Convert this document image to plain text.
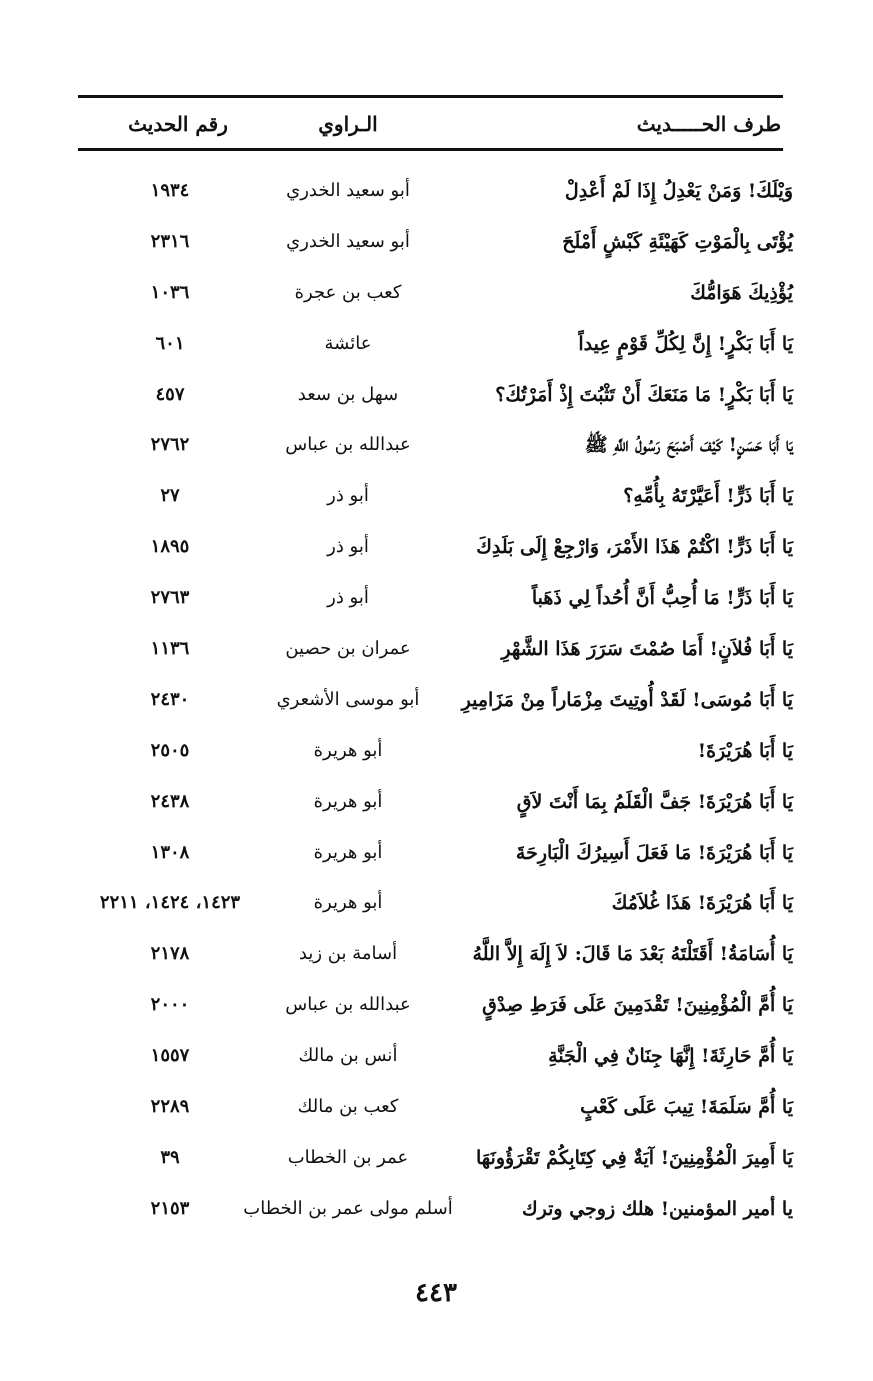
طرف الحـــــديث
الـراوي
رقم الحديث
وَيْلَكَ! وَمَنْ يَعْدِلُ إِذَا لَمْ أَعْدِلْ
أبو سعيد الخدري
١٩٣٤
يُؤْتَى بِالْمَوْتِ كَهَيْئَةِ كَبْشٍ أَمْلَحَ
أبو سعيد الخدري
٢٣١٦
يُؤْذِيكَ هَوَامُّكَ
كعب بن عجرة
١٠٣٦
يَا أَبَا بَكْرٍ! إِنَّ لِكُلِّ قَوْمٍ عِيداً
عائشة
٦٠١
يَا أَبَا بَكْرٍ! مَا مَنَعَكَ أَنْ تَثْبُتَ إِذْ أَمَرْتُكَ؟
سهل بن سعد
٤٥٧
يَا أَبَا حَسَنٍ! كَيْفَ أَصْبَحَ رَسُولُ اللَّهِ ﷺ
عبدالله بن عباس
٢٧٦٢
يَا أَبَا ذَرٍّ! أَعَيَّرْتَهُ بِأُمِّهِ؟
أبو ذر
٢٧
يَا أَبَا ذَرٍّ! اكْتُمْ هَذَا الأَمْرَ، وَارْجِعْ إِلَى بَلَدِكَ
أبو ذر
١٨٩٥
يَا أَبَا ذَرٍّ! مَا أُحِبُّ أَنَّ أُحُداً لِي ذَهَباً
أبو ذر
٢٧٦٣
يَا أَبَا فُلاَنٍ! أَمَا صُمْتَ سَرَرَ هَذَا الشَّهْرِ
عمران بن حصين
١١٣٦
يَا أَبَا مُوسَى! لَقَدْ أُوتِيتَ مِزْمَاراً مِنْ مَزَامِيرِ
أبو موسى الأشعري
٢٤٣٠
يَا أَبَا هُرَيْرَةَ!
أبو هريرة
٢٥٠٥
يَا أَبَا هُرَيْرَةَ! جَفَّ الْقَلَمُ بِمَا أَنْتَ لاَقٍ
أبو هريرة
٢٤٣٨
يَا أَبَا هُرَيْرَةَ! مَا فَعَلَ أَسِيرُكَ الْبَارِحَةَ
أبو هريرة
١٣٠٨
يَا أَبَا هُرَيْرَةَ! هَذَا غُلاَمُكَ
أبو هريرة
١٤٢٣، ١٤٢٤، ٢٢١١
يَا أُسَامَةُ! أَقَتَلْتَهُ بَعْدَ مَا قَالَ: لاَ إِلَهَ إِلاَّ اللَّهُ
أسامة بن زيد
٢١٧٨
يَا أُمَّ الْمُؤْمِنِينَ! تَقْدَمِينَ عَلَى فَرَطِ صِدْقٍ
عبدالله بن عباس
٢٠٠٠
يَا أُمَّ حَارِثَةَ! إِنَّهَا جِنَانٌ فِي الْجَنَّةِ
أنس بن مالك
١٥٥٧
يَا أُمَّ سَلَمَةَ! تِيبَ عَلَى كَعْبٍ
كعب بن مالك
٢٢٨٩
يَا أَمِيرَ الْمُؤْمِنِينَ! آيَةٌ فِي كِتَابِكُمْ تَقْرَؤُونَهَا
عمر بن الخطاب
٣٩
يا أمير المؤمنين! هلك زوجي وترك
أسلم مولى عمر بن الخطاب
٢١٥٣
٤٤٣
